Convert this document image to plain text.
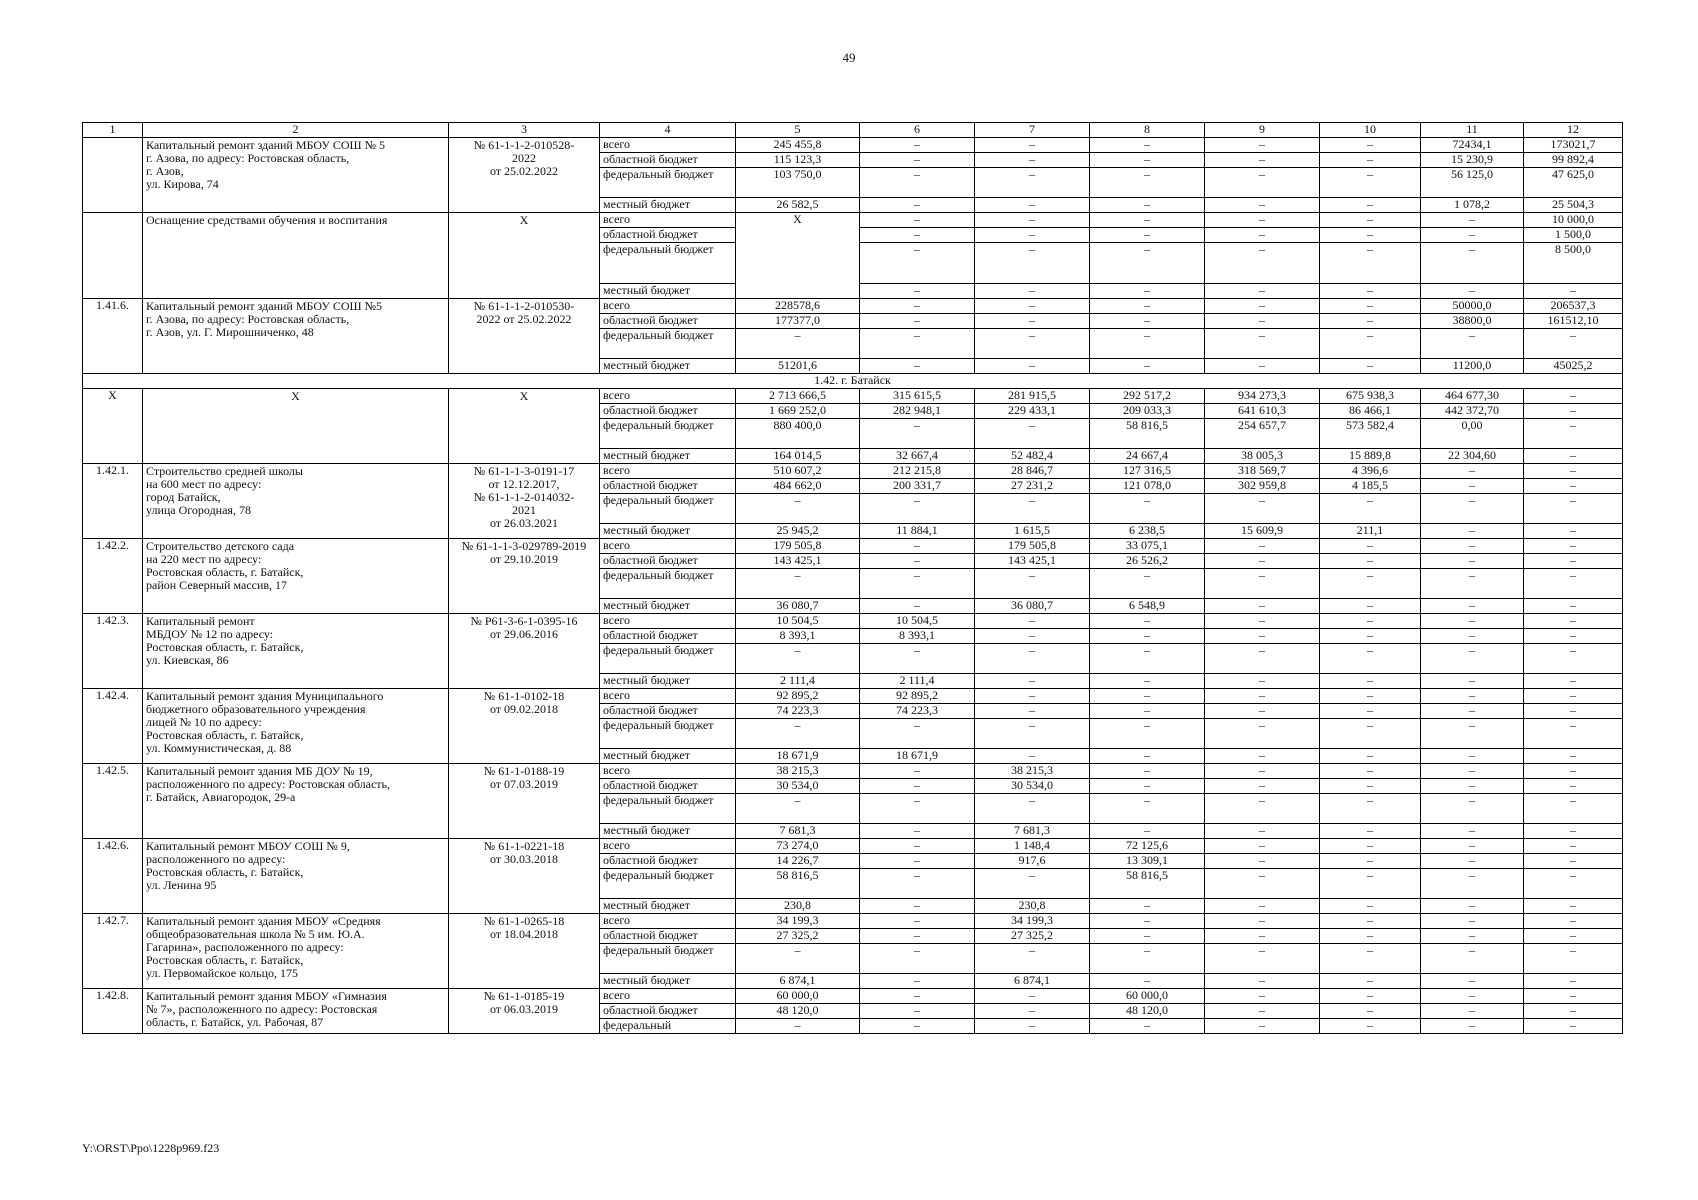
49
1	2	3	4	5	6	7	8	9	10	11	12

	Капитальный ремонт зданий МБОУ СОШ № 5
г. Азова, по адресу: Ростовская область,
г. Азов,
ул. Кирова, 74	№ 61-1-1-2-010528-
2022
от 25.02.2022	всего	245 455,8	–	–	–	–	–	72434,1	173021,7
			областной бюджет	115 123,3	–	–	–	–	–	15 230,9	99 892,4
			федеральный бюджет	103 750,0	–	–	–	–	–	56 125,0	47 625,0
			местный бюджет	26 582,5	–	–	–	–	–	1 078,2	25 504,3

	Оснащение средствами обучения и воспитания	Х	всего	Х	–	–	–	–	–	–	10 000,0
			областной бюджет		–	–	–	–	–	–	1 500,0
			федеральный бюджет		–	–	–	–	–	–	8 500,0
			местный бюджет		–	–	–	–	–	–	–
1.41.6.	Капитальный ремонт зданий МБОУ СОШ №5
г. Азова, по адресу: Ростовская область,
г. Азов, ул. Г. Мирошниченко, 48	№ 61-1-1-2-010530-
2022 от 25.02.2022	всего	228578,6	–	–	–	–	–	50000,0	206537,3
			областной бюджет	177377,0	–	–	–	–	–	38800,0	161512,10
			федеральный бюджет	–	–	–	–	–	–	–	–
			местный бюджет	51201,6	–	–	–	–	–	11200,0	45025,2
1.42. г. Батайск											
Х	Х	Х	всего	2 713 666,5	315 615,5	281 915,5	292 517,2	934 273,3	675 938,3	464 677,30	–
			областной бюджет	1 669 252,0	282 948,1	229 433,1	209 033,3	641 610,3	86 466,1	442 372,70	–
			федеральный бюджет	880 400,0	–	–	58 816,5	254 657,7	573 582,4	0,00	–
			местный бюджет	164 014,5	32 667,4	52 482,4	24 667,4	38 005,3	15 889,8	22 304,60	–
1.42.1.	Строительство средней школы
на 600 мест по адресу:
город Батайск,
улица Огородная, 78	№ 61-1-1-3-0191-17
от 12.12.2017,
№ 61-1-1-2-014032-
2021
от 26.03.2021	всего	510 607,2	212 215,8	28 846,7	127 316,5	318 569,7	4 396,6	–	–
			областной бюджет	484 662,0	200 331,7	27 231,2	121 078,0	302 959,8	4 185,5	–	–
			федеральный бюджет	–	–	–	–	–	–	–	–
			местный бюджет	25 945,2	11 884,1	1 615,5	6 238,5	15 609,9	211,1	–	–
1.42.2.	Строительство детского сада
на 220 мест по адресу:
Ростовская область, г. Батайск,
район Северный массив, 17	№ 61-1-1-3-029789-2019
от 29.10.2019	всего	179 505,8	–	179 505,8	33 075,1	–	–	–	–
			областной бюджет	143 425,1	–	143 425,1	26 526,2	–	–	–	–
			федеральный бюджет	–	–	–	–	–	–	–	–
			местный бюджет	36 080,7	–	36 080,7	6 548,9	–	–	–	–
1.42.3.	Капитальный ремонт
МБДОУ № 12 по адресу:
Ростовская область, г. Батайск,
ул. Киевская, 86	№ Р61-3-6-1-0395-16
от 29.06.2016	всего	10 504,5	10 504,5	–	–	–	–	–	–
			областной бюджет	8 393,1	8 393,1	–	–	–	–	–	–
			федеральный бюджет	–	–	–	–	–	–	–	–
			местный бюджет	2 111,4	2 111,4	–	–	–	–	–	–
1.42.4.	Капитальный ремонт здания Муниципального
бюджетного образовательного учреждения
лицей № 10 по адресу:
Ростовская область, г. Батайск,
ул. Коммунистическая, д. 88	№ 61-1-0102-18
от 09.02.2018	всего	92 895,2	92 895,2	–	–	–	–	–	–
			областной бюджет	74 223,3	74 223,3	–	–	–	–	–	–
			федеральный бюджет	–	–	–	–	–	–	–	–
			местный бюджет	18 671,9	18 671,9	–	–	–	–	–	–
1.42.5.	Капитальный ремонт здания МБ ДОУ № 19,
расположенного по адресу: Ростовская область,
г. Батайск, Авиагородок, 29-а	№ 61-1-0188-19
от 07.03.2019	всего	38 215,3	–	38 215,3	–	–	–	–	–
			областной бюджет	30 534,0	–	30 534,0	–	–	–	–	–
			федеральный бюджет	–	–	–	–	–	–	–	–
			местный бюджет	7 681,3	–	7 681,3	–	–	–	–	–
1.42.6.	Капитальный ремонт МБОУ СОШ № 9,
расположенного по адресу:
Ростовская область, г. Батайск,
ул. Ленина 95	№ 61-1-0221-18
от 30.03.2018	всего	73 274,0	–	1 148,4	72 125,6	–	–	–	–
			областной бюджет	14 226,7	–	917,6	13 309,1	–	–	–	–
			федеральный бюджет	58 816,5	–	–	58 816,5	–	–	–	–
			местный бюджет	230,8	–	230,8	–	–	–	–	–
1.42.7.	Капитальный ремонт здания МБОУ «Средняя
общеобразовательная школа № 5 им. Ю.А.
Гагарина», расположенного по адресу:
Ростовская область, г. Батайск,
ул. Первомайское кольцо, 175	№ 61-1-0265-18
от 18.04.2018	всего	34 199,3	–	34 199,3	–	–	–	–	–
			областной бюджет	27 325,2	–	27 325,2	–	–	–	–	–
			федеральный бюджет	–	–	–	–	–	–	–	–
			местный бюджет	6 874,1	–	6 874,1	–	–	–	–	–
1.42.8.	Капитальный ремонт здания МБОУ «Гимназия
№ 7», расположенного по адресу: Ростовская
область, г. Батайск, ул. Рабочая, 87	№ 61-1-0185-19
от 06.03.2019	всего	60 000,0	–	–	60 000,0	–	–	–	–
			областной бюджет	48 120,0	–	–	48 120,0	–	–	–	–
			федеральный	–	–	–	–	–	–	–	–
Y:\ORST\Ppo\1228p969.f23
